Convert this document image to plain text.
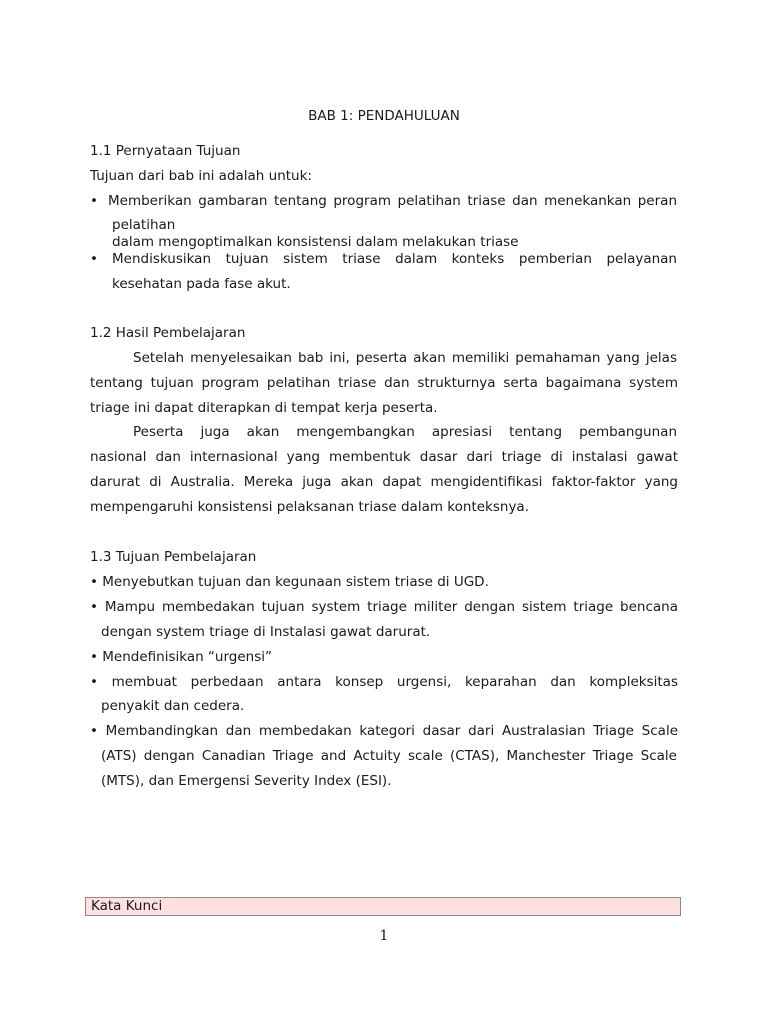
BAB 1: PENDAHULUAN
1.1 Pernyataan Tujuan
Tujuan dari bab ini adalah untuk:
• Memberikan gambaran tentang program pelatihan triase dan menekankan peran
pelatihan
dalam mengoptimalkan konsistensi dalam melakukan triase
• Mendiskusikan tujuan sistem triase dalam konteks pemberian pelayanan
kesehatan pada fase akut.
1.2 Hasil Pembelajaran
Setelah menyelesaikan bab ini, peserta akan memiliki pemahaman yang jelas
tentang tujuan program pelatihan triase dan strukturnya serta bagaimana system
triage ini dapat diterapkan di tempat kerja peserta.
Peserta juga akan mengembangkan apresiasi tentang pembangunan
nasional dan internasional yang membentuk dasar dari triage di instalasi gawat
darurat di Australia. Mereka juga akan dapat mengidentifikasi faktor-faktor yang
mempengaruhi konsistensi pelaksanan triase dalam konteksnya.
1.3 Tujuan Pembelajaran
• Menyebutkan tujuan dan kegunaan sistem triase di UGD.
• Mampu membedakan tujuan system triage militer dengan sistem triage bencana
dengan system triage di Instalasi gawat darurat.
• Mendefinisikan “urgensi”
• membuat perbedaan antara konsep urgensi, keparahan dan kompleksitas
penyakit dan cedera.
• Membandingkan dan membedakan kategori dasar dari Australasian Triage Scale
(ATS) dengan Canadian Triage and Actuity scale (CTAS), Manchester Triage Scale
(MTS), dan Emergensi Severity Index (ESI).
Kata Kunci
1
